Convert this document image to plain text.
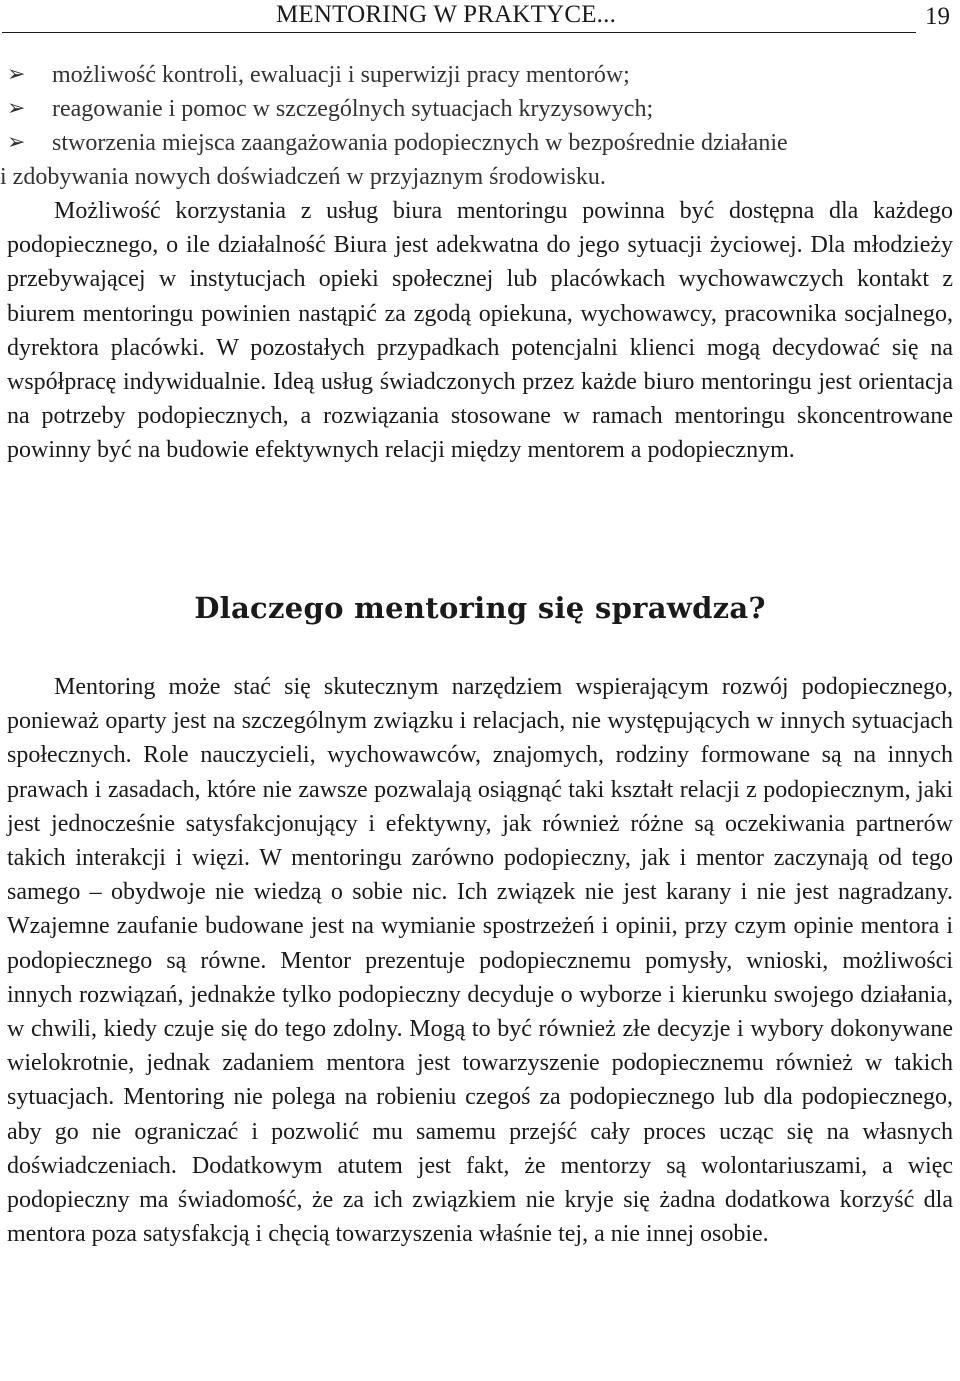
MENTORING W PRAKTYCE...	19
➢ możliwość kontroli, ewaluacji i superwizji pracy mentorów;
➢ reagowanie i pomoc w szczególnych sytuacjach kryzysowych;
➢ stworzenia miejsca zaangażowania podopiecznych w bezpośrednie działanie
i zdobywania nowych doświadczeń w przyjaznym środowisku.

Możliwość korzystania z usług biura mentoringu powinna być dostępna dla każdego podopiecznego, o ile działalność Biura jest adekwatna do jego sytuacji życiowej. Dla młodzieży przebywającej w instytucjach opieki społecznej lub placówkach wychowawczych kontakt z biurem mentoringu powinien nastąpić za zgodą opiekuna, wychowawcy, pracownika socjalnego, dyrektora placówki. W pozostałych przypadkach potencjalni klienci mogą decydować się na współpracę indywidualnie. Ideą usług świadczonych przez każde biuro mentoringu jest orientacja na potrzeby podopiecznych, a rozwiązania stosowane w ramach mentoringu skoncentrowane powinny być na budowie efektywnych relacji między mentorem a podopiecznym.

Dlaczego mentoring się sprawdza?

Mentoring może stać się skutecznym narzędziem wspierającym rozwój podopiecznego, ponieważ oparty jest na szczególnym związku i relacjach, nie występujących w innych sytuacjach społecznych. Role nauczycieli, wychowawców, znajomych, rodziny formowane są na innych prawach i zasadach, które nie zawsze pozwalają osiągnąć taki kształt relacji z podopiecznym, jaki jest jednocześnie satysfakcjonujący i efektywny, jak również różne są oczekiwania partnerów takich interakcji i więzi. W mentoringu zarówno podopieczny, jak i mentor zaczynają od tego samego – obydwoje nie wiedzą o sobie nic. Ich związek nie jest karany i nie jest nagradzany. Wzajemne zaufanie budowane jest na wymianie spostrzeżeń i opinii, przy czym opinie mentora i podopiecznego są równe. Mentor prezentuje podopiecznemu pomysły, wnioski, możliwości innych rozwiązań, jednakże tylko podopieczny decyduje o wyborze i kierunku swojego działania, w chwili, kiedy czuje się do tego zdolny. Mogą to być również złe decyzje i wybory dokonywane wielokrotnie, jednak zadaniem mentora jest towarzyszenie podopiecznemu również w takich sytuacjach. Mentoring nie polega na robieniu czegoś za podopiecznego lub dla podopiecznego, aby go nie ograniczać i pozwolić mu samemu przejść cały proces ucząc się na własnych doświadczeniach. Dodatkowym atutem jest fakt, że mentorzy są wolontariuszami, a więc podopieczny ma świadomość, że za ich związkiem nie kryje się żadna dodatkowa korzyść dla mentora poza satysfakcją i chęcią towarzyszenia właśnie tej, a nie innej osobie.
